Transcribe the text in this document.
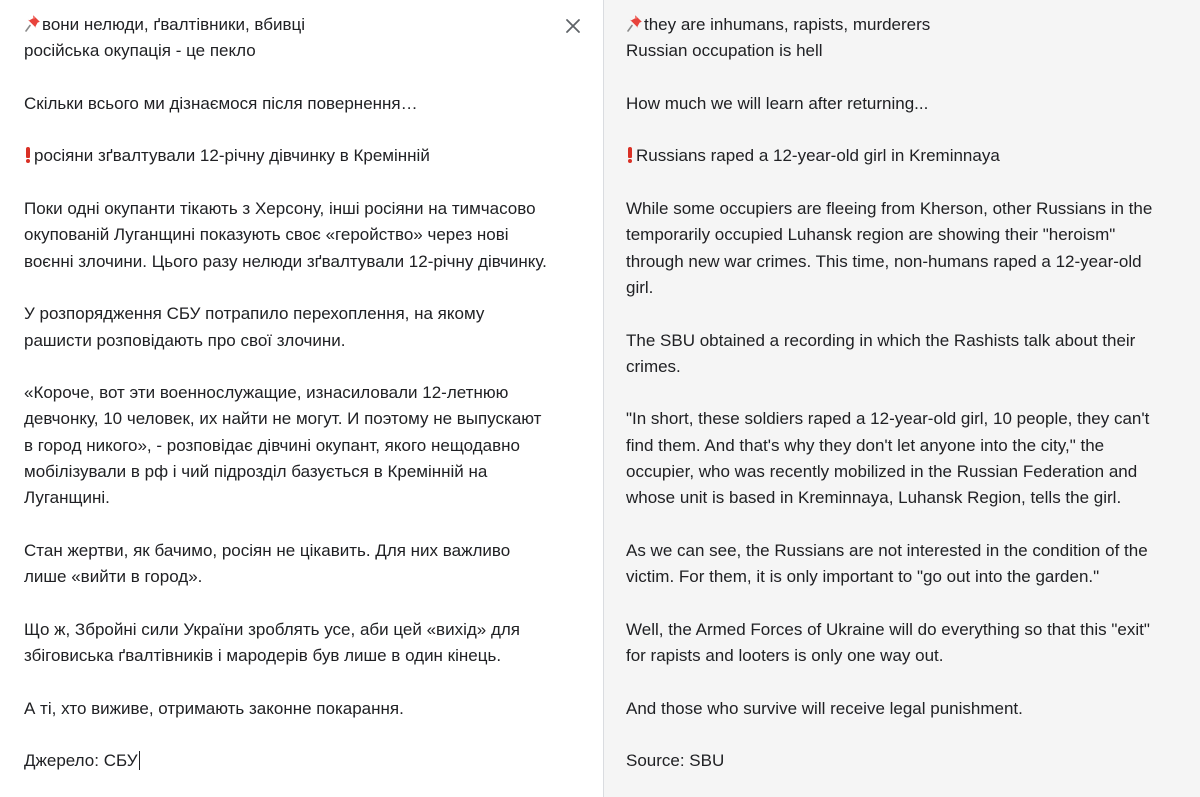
вони нелюди, ґвалтівники, вбивці
російська окупація - це пекло
Скільки всього ми дізнаємося після повернення…
росіяни зґвалтували 12-річну дівчинку в Кремінній
Поки одні окупанти тікають з Херсону, інші росіяни на тимчасово окупованій Луганщині показують своє «геройство» через нові воєнні злочини. Цього разу нелюди зґвалтували 12-річну дівчинку.
У розпорядження СБУ потрапило перехоплення, на якому рашисти розповідають про свої злочини.
«Короче, вот эти военнослужащие, изнасиловали 12-летнюю девчонку, 10 человек, их найти не могут. И поэтому не выпускают в город никого», - розповідає дівчині окупант, якого нещодавно мобілізували в рф і чий підрозділ базується в Кремінній на Луганщині.
Стан жертви, як бачимо, росіян не цікавить. Для них важливо лише «вийти в город».
Що ж, Збройні сили України зроблять усе, аби цей «вихід» для збіговиська ґвалтівників і мародерів був лише в один кінець.
А ті, хто виживе, отримають законне покарання.
Джерело: СБУ
they are inhumans, rapists, murderers
Russian occupation is hell
How much we will learn after returning...
Russians raped a 12-year-old girl in Kreminnaya
While some occupiers are fleeing from Kherson, other Russians in the temporarily occupied Luhansk region are showing their "heroism" through new war crimes. This time, non-humans raped a 12-year-old girl.
The SBU obtained a recording in which the Rashists talk about their crimes.
"In short, these soldiers raped a 12-year-old girl, 10 people, they can't find them. And that's why they don't let anyone into the city," the occupier, who was recently mobilized in the Russian Federation and whose unit is based in Kreminnaya, Luhansk Region, tells the girl.
As we can see, the Russians are not interested in the condition of the victim. For them, it is only important to "go out into the garden."
Well, the Armed Forces of Ukraine will do everything so that this "exit" for rapists and looters is only one way out.
And those who survive will receive legal punishment.
Source: SBU
